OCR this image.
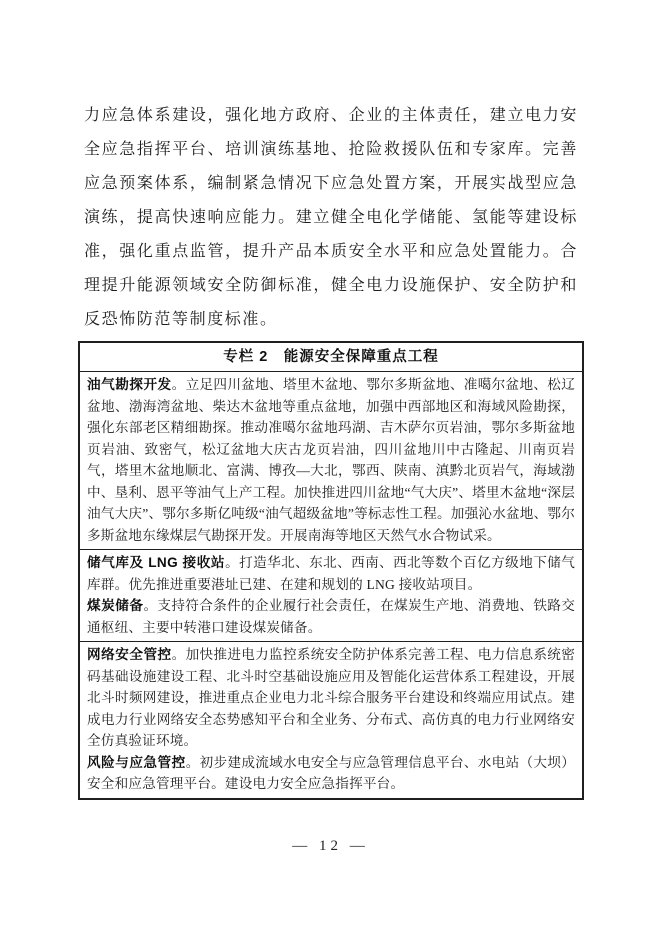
力应急体系建设，强化地方政府、企业的主体责任，建立电力安全应急指挥平台、培训演练基地、抢险救援队伍和专家库。完善应急预案体系，编制紧急情况下应急处置方案，开展实战型应急演练，提高快速响应能力。建立健全电化学储能、氢能等建设标准，强化重点监管，提升产品本质安全水平和应急处置能力。合理提升能源领域安全防御标准，健全电力设施保护、安全防护和反恐怖防范等制度标准。

专栏 2　能源安全保障重点工程

油气勘探开发。立足四川盆地、塔里木盆地、鄂尔多斯盆地、准噶尔盆地、松辽盆地、渤海湾盆地、柴达木盆地等重点盆地，加强中西部地区和海域风险勘探，强化东部老区精细勘探。推动准噶尔盆地玛湖、吉木萨尔页岩油，鄂尔多斯盆地页岩油、致密气，松辽盆地大庆古龙页岩油，四川盆地川中古隆起、川南页岩气，塔里木盆地顺北、富满、博孜—大北，鄂西、陕南、滇黔北页岩气，海域渤中、垦利、恩平等油气上产工程。加快推进四川盆地“气大庆”、塔里木盆地“深层油气大庆”、鄂尔多斯亿吨级“油气超级盆地”等标志性工程。加强沁水盆地、鄂尔多斯盆地东缘煤层气勘探开发。开展南海等地区天然气水合物试采。

储气库及 LNG 接收站。打造华北、东北、西南、西北等数个百亿方级地下储气库群。优先推进重要港址已建、在建和规划的 LNG 接收站项目。

煤炭储备。支持符合条件的企业履行社会责任，在煤炭生产地、消费地、铁路交通枢纽、主要中转港口建设煤炭储备。

网络安全管控。加快推进电力监控系统安全防护体系完善工程、电力信息系统密码基础设施建设工程、北斗时空基础设施应用及智能化运营体系工程建设，开展北斗时频网建设，推进重点企业电力北斗综合服务平台建设和终端应用试点。建成电力行业网络安全态势感知平台和全业务、分布式、高仿真的电力行业网络安全仿真验证环境。

风险与应急管控。初步建成流域水电安全与应急管理信息平台、水电站（大坝）安全和应急管理平台。建设电力安全应急指挥平台。

— 12 —
